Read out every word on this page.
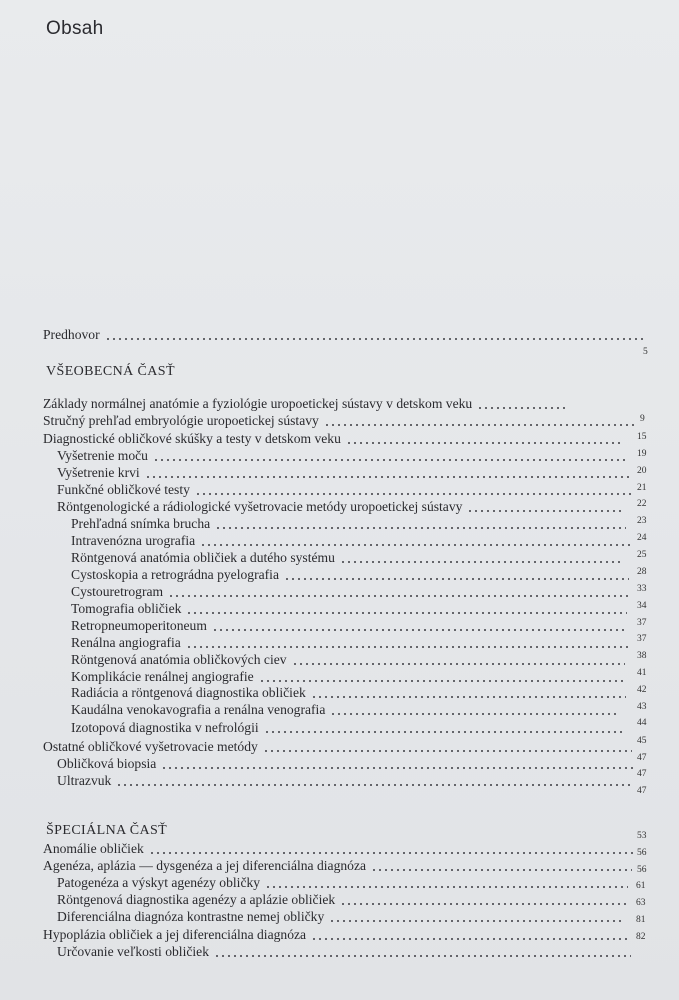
Obsah
VŠEOBECNÁ ČASŤ
ŠPECIÁLNA ČASŤ
Predhovor
Základy normálnej anatómie a fyziológie uropoetickej sústavy v detskom veku
Stručný prehľad embryológie uropoetickej sústavy
Diagnostické obličkové skúšky a testy v detskom veku
Vyšetrenie moču
Vyšetrenie krvi
Funkčné obličkové testy
Röntgenologické a rádiologické vyšetrovacie metódy uropoetickej sústavy
Prehľadná snímka brucha
Intravenózna urografia
Röntgenová anatómia obličiek a dutého systému
Cystoskopia a retrográdna pyelografia
Cystouretrogram
Tomografia obličiek
Retropneumoperitoneum
Renálna angiografia
Röntgenová anatómia obličkových ciev
Komplikácie renálnej angiografie
Radiácia a röntgenová diagnostika obličiek
Kaudálna venokavografia a renálna venografia
Izotopová diagnostika v nefrológii
Ostatné obličkové vyšetrovacie metódy
Obličková biopsia
Ultrazvuk
Anomálie obličiek
Agenéza, aplázia — dysgenéza a jej diferenciálna diagnóza
Patogenéza a výskyt agenézy obličky
Röntgenová diagnostika agenézy a aplázie obličiek
Diferenciálna diagnóza kontrastne nemej obličky
Hypoplázia obličiek a jej diferenciálna diagnóza
Určovanie veľkosti obličiek
5
9
15
19
20
21
22
23
24
25
28
33
34
37
37
38
41
42
43
44
45
47
47
47
53
56
56
61
63
81
82
